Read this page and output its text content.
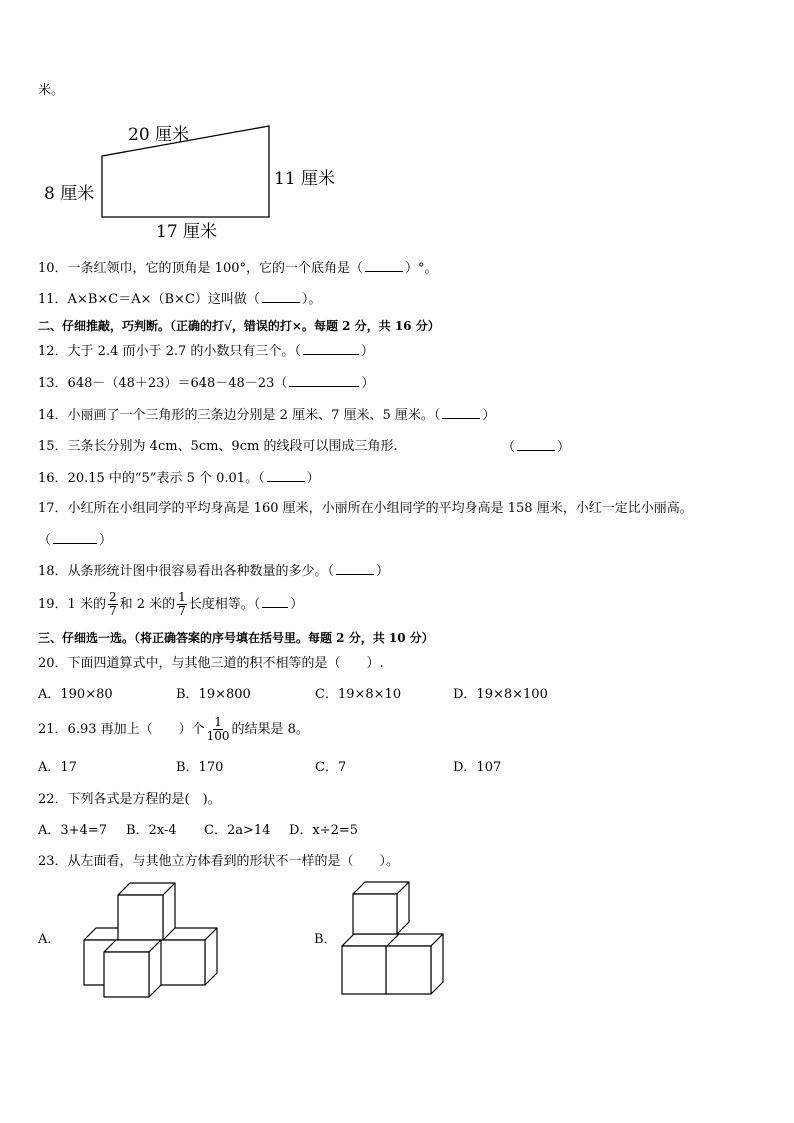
米。
20 厘米
8 厘米
11 厘米
17 厘米
10．一条红领巾，它的顶角是 100°，它的一个底角是（	）°。
11．A×B×C＝A×（B×C）这叫做（	）。
二、仔细推敲，巧判断。（正确的打√，错误的打×。每题 2 分，共 16 分）
12．大于 2.4 而小于 2.7 的小数只有三个。（	）
13．648－（48＋23）＝648－48－23（	）
14．小丽画了一个三角形的三条边分别是 2 厘米、7 厘米、5 厘米。（	）
15．三条长分别为 4cm、5cm、9cm 的线段可以围成三角形.	（	）
16．20.15 中的“5”表示 5 个 0.01。（	）
17．小红所在小组同学的平均身高是 160 厘米，小丽所在小组同学的平均身高是 158 厘米，小红一定比小丽高。
（	）
18．从条形统计图中很容易看出各种数量的多少。（	）
19．1 米的 $\frac{2}{7}$ 和 2 米的 $\frac{1}{7}$ 长度相等。（ ）
三、仔细选一选。（将正确答案的序号填在括号里。每题 2 分，共 10 分）
20．下面四道算式中，与其他三道的积不相等的是（　　）.
A．190×80	B．19×800	C．19×8×10	D．19×8×100
21．6.93 再加上（　　）个 $\frac{1}{100}$ 的结果是 8。
A．17	B．170	C．7	D．107
22．下列各式是方程的是(　)。
A．3+4=7 B．2x-4 C．2a>14 D．x÷2=5
23．从左面看，与其他立方体看到的形状不一样的是（　　）。
A．	B．
